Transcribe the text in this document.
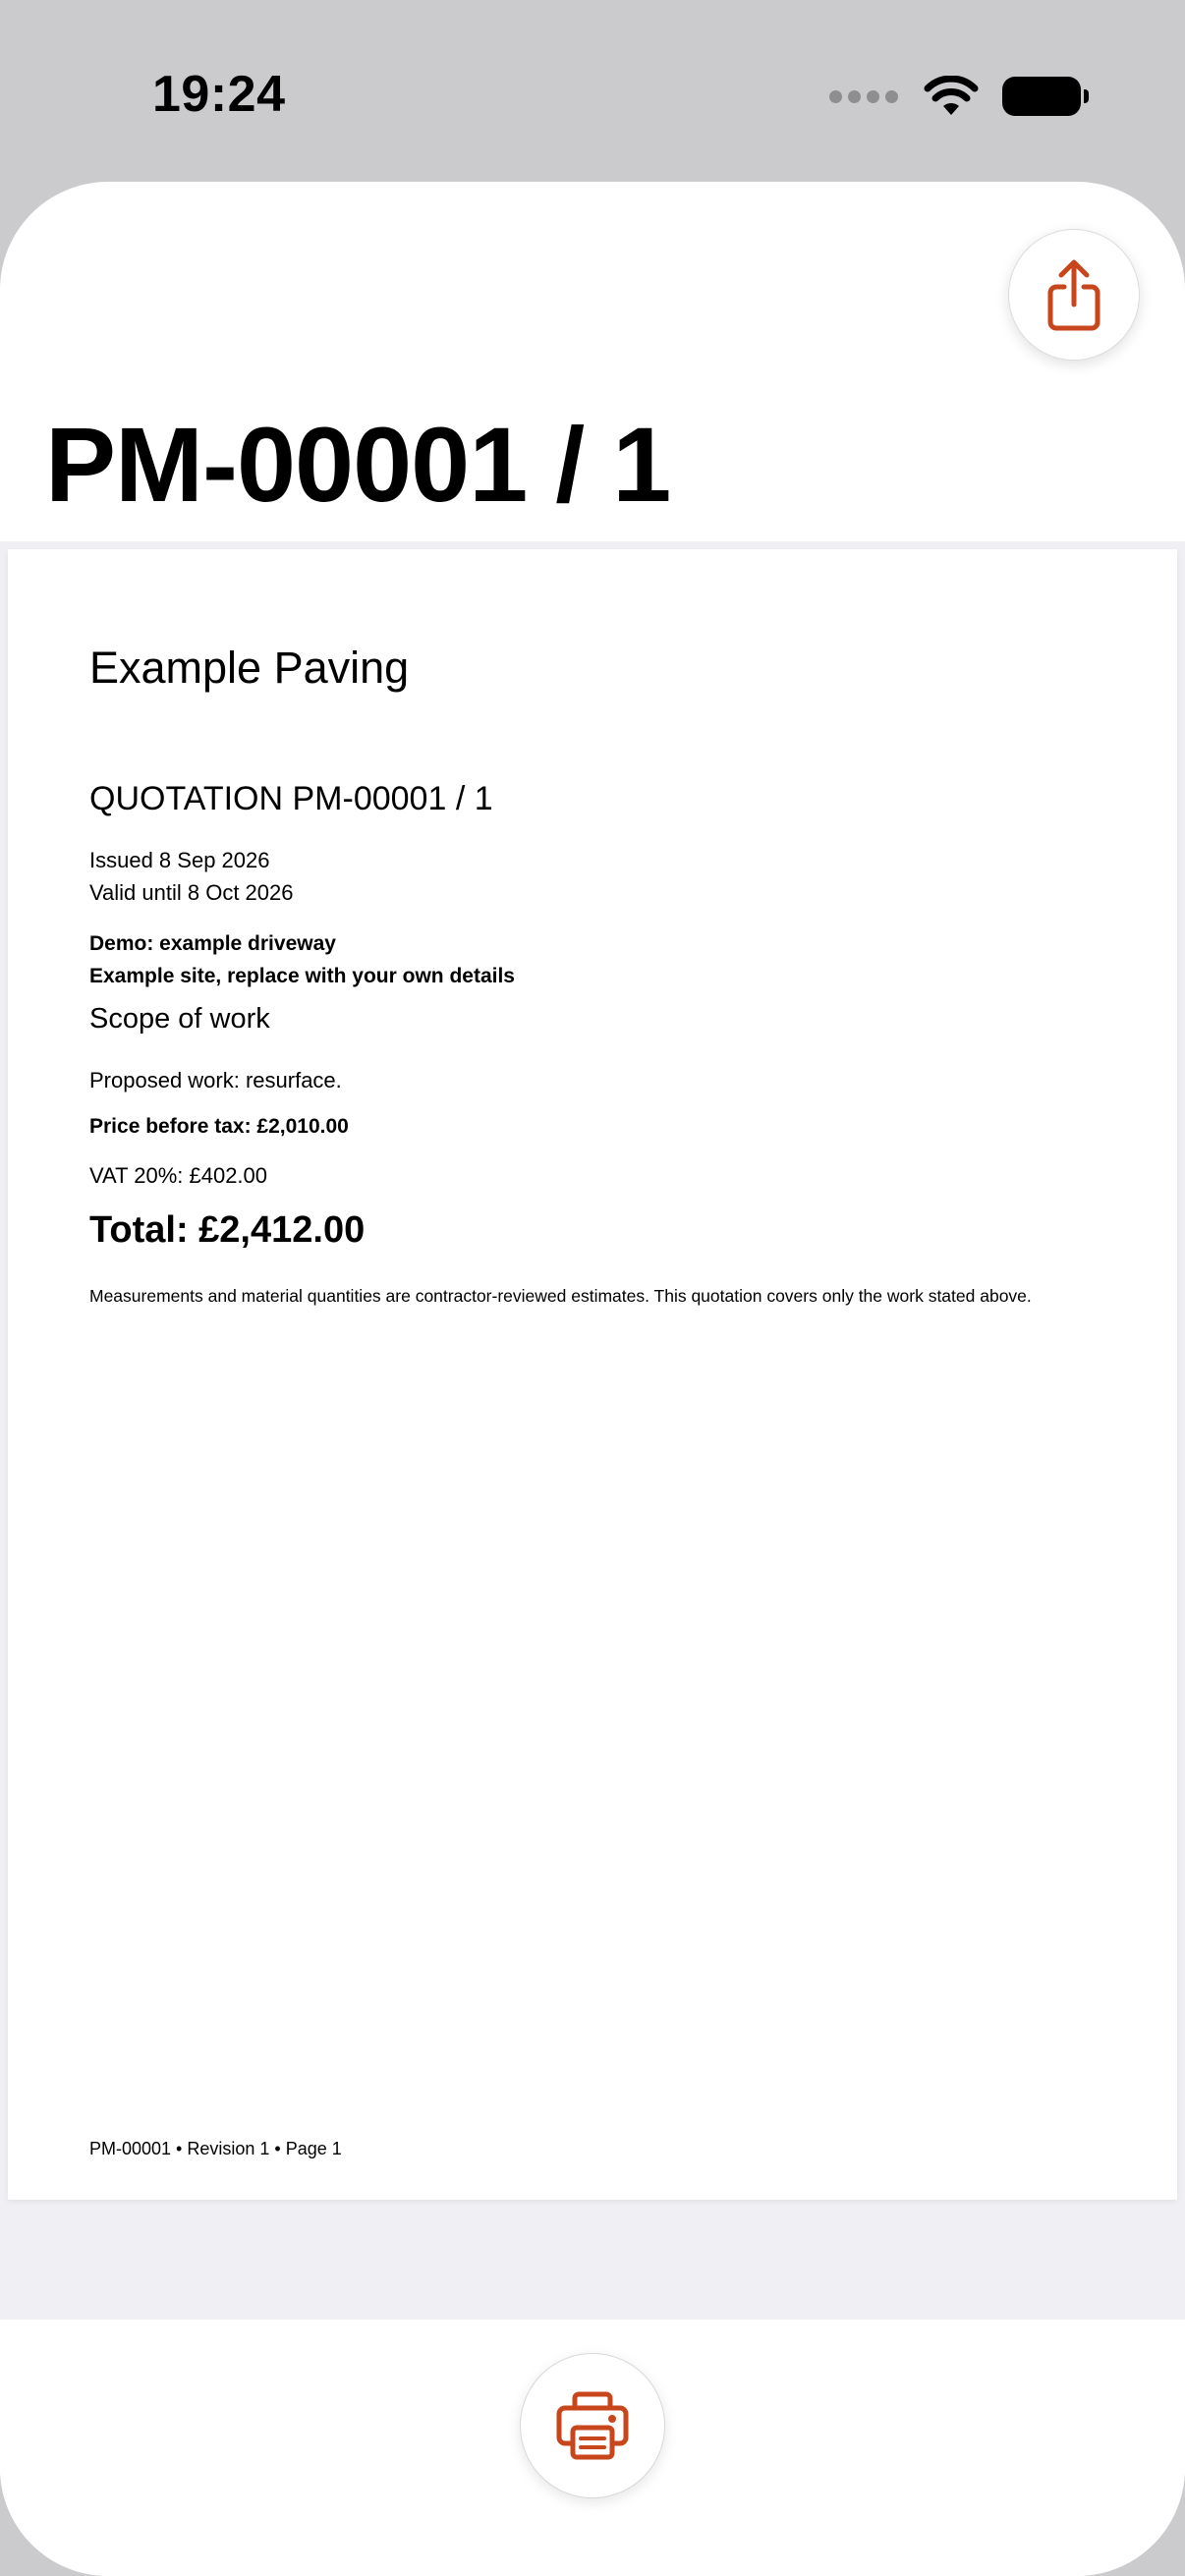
19:24
PM-00001 / 1
Example Paving
QUOTATION PM-00001 / 1
Issued 8 Sep 2026
Valid until 8 Oct 2026
Demo: example driveway
Example site, replace with your own details
Scope of work
Proposed work: resurface.
Price before tax: £2,010.00
VAT 20%: £402.00
Total: £2,412.00
Measurements and material quantities are contractor-reviewed estimates. This quotation covers only the work stated above.
PM-00001 • Revision 1 • Page 1
